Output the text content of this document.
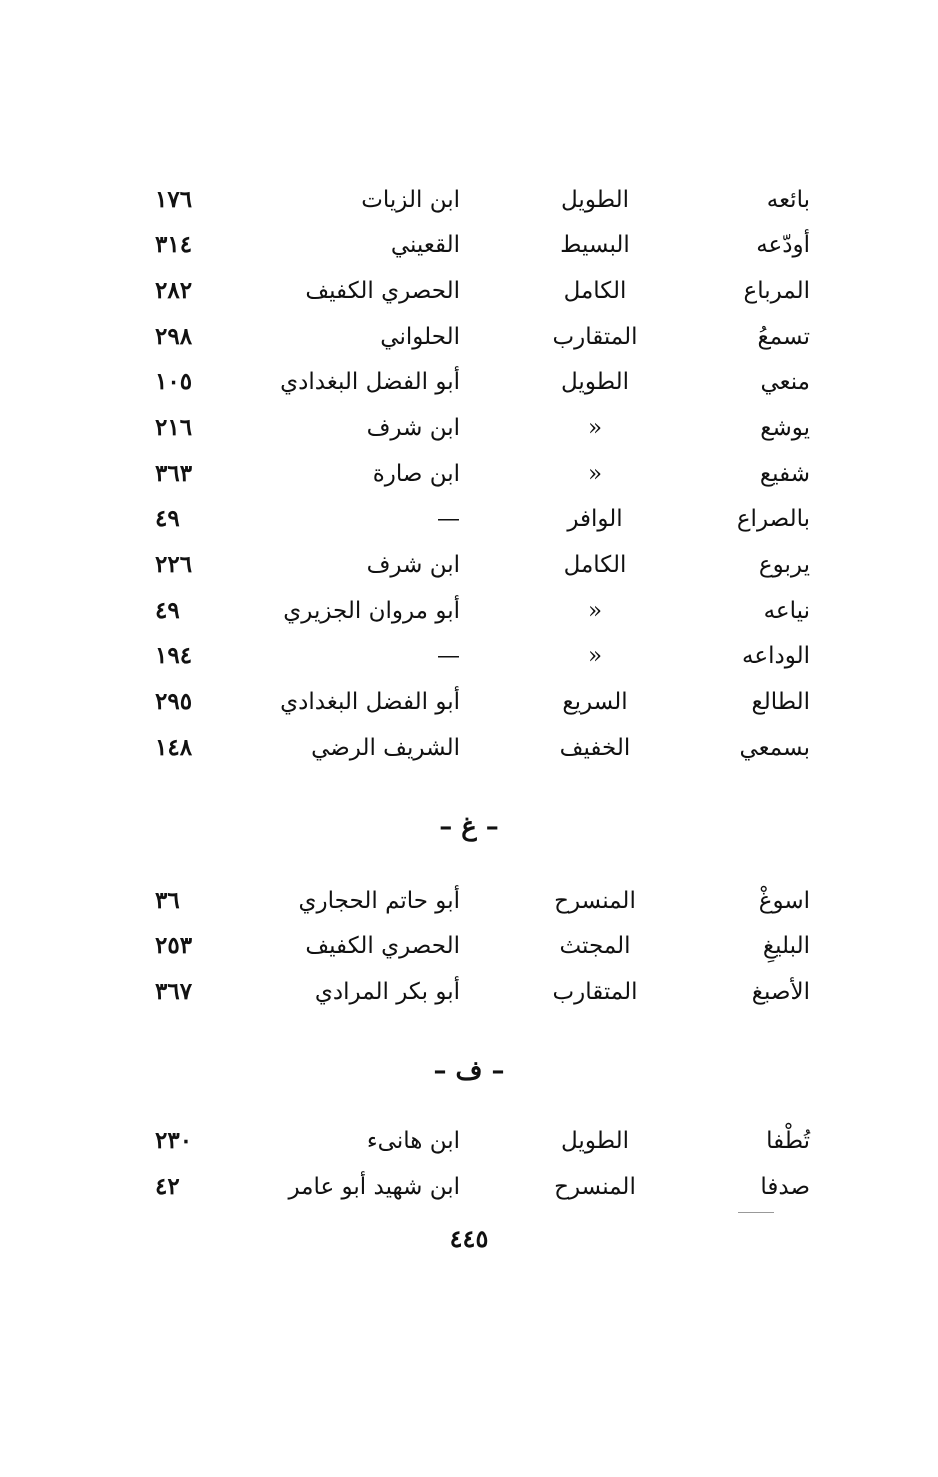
بائعه
الطويل
ابن الزيات
١٧٦
أودّعه
البسيط
القعيني
٣١٤
المرباع
الكامل
الحصري الكفيف
٢٨٢
تسمعُ
المتقارب
الحلواني
٢٩٨
منعي
الطويل
أبو الفضل البغدادي
١٠٥
يوشع
«
ابن شرف
٢١٦
شفيع
«
ابن صارة
٣٦٣
بالصراع
الوافر
—
٤٩
يربوع
الكامل
ابن شرف
٢٢٦
نياعه
«
أبو مروان الجزيري
٤٩
الوداعه
«
—
١٩٤
الطالع
السريع
أبو الفضل البغدادي
٢٩٥
بسمعي
الخفيف
الشريف الرضي
١٤٨
– غ –
اسوغْ
المنسرح
أبو حاتم الحجاري
٣٦
البليغِ
المجتث
الحصري الكفيف
٢٥٣
الأصبغ
المتقارب
أبو بكر المرادي
٣٦٧
– ف –
تُطْفا
الطويل
ابن هانىء
٢٣٠
صدفا
المنسرح
ابن شهيد أبو عامر
٤٢
٤٤٥
